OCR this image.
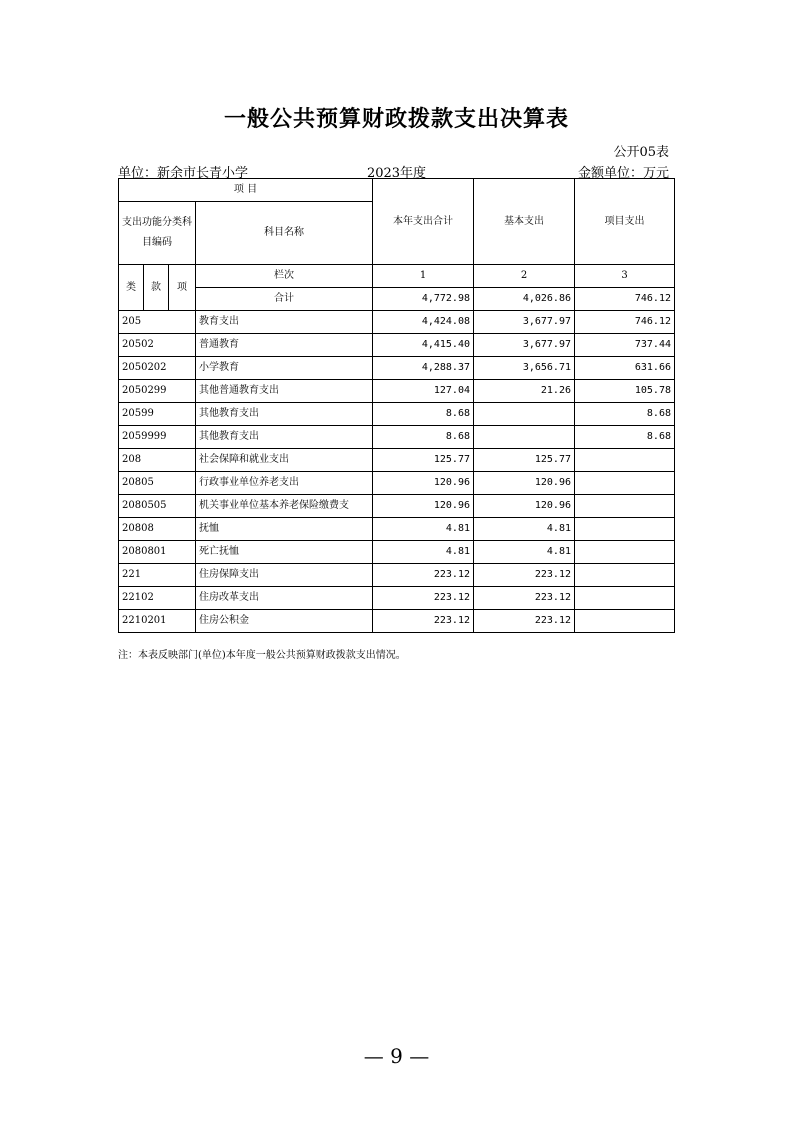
一般公共预算财政拨款支出决算表
公开05表
单位：新余市长青小学	2023年度	金额单位：万元
项 目				本年支出合计	基本支出	项目支出
支出功能分类科目编码			科目名称			

类	款	项	栏次	1	2	3
			合计	4,772.98	4,026.86	746.12
205			教育支出	4,424.08	3,677.97	746.12
20502			普通教育	4,415.40	3,677.97	737.44
2050202			小学教育	4,288.37	3,656.71	631.66
2050299			其他普通教育支出	127.04	21.26	105.78
20599			其他教育支出	8.68		8.68
2059999			其他教育支出	8.68		8.68
208			社会保障和就业支出	125.77	125.77	
20805			行政事业单位养老支出	120.96	120.96	
2080505			机关事业单位基本养老保险缴费支	120.96	120.96	
20808			抚恤	4.81	4.81	
2080801			死亡抚恤	4.81	4.81	
221			住房保障支出	223.12	223.12	
22102			住房改革支出	223.12	223.12	
2210201			住房公积金	223.12	223.12	
注：本表反映部门(单位)本年度一般公共预算财政拨款支出情况。
— 9 —
